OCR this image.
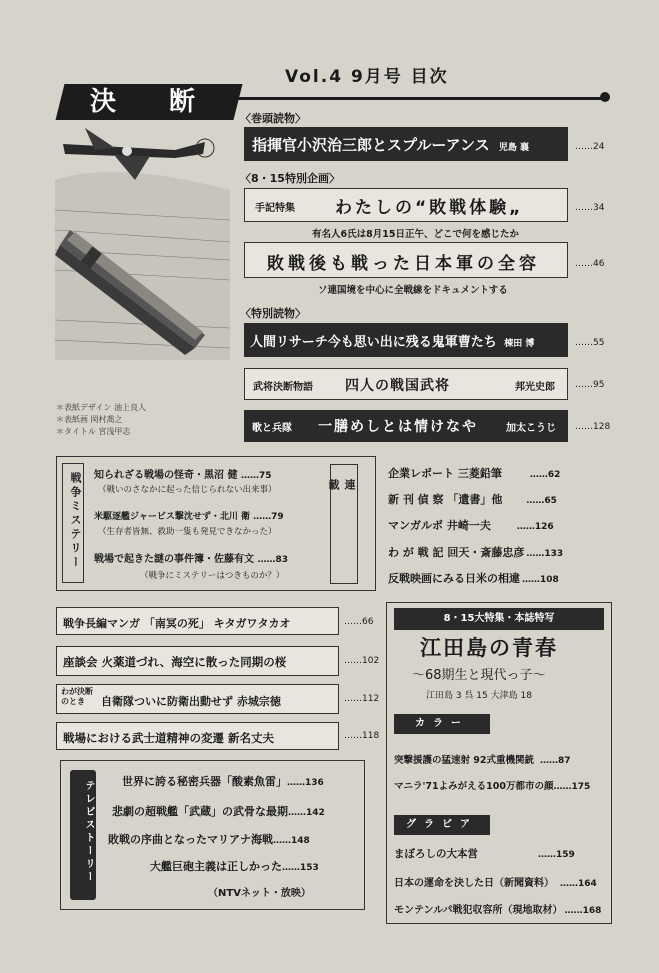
Vol.4 9月号 目次
決 断
＊表紙デザイン 油上良人
＊表紙画 岡村喬之
＊タイトル 宮浅甲志
〈巻頭読物〉
指揮官小沢治三郎とスプルーアンス 児島 襄	……24
〈8・15特別企画〉
手記特集 わたしの“敗戦体験„	……34
有名人6氏は8月15日正午、どこで何を感じたか
敗戦後も戦った日本軍の全容	……46
ソ連国境を中心に全戦線をドキュメントする
〈特別読物〉
人間リサーチ今も思い出に残る鬼軍曹たち 棟田 博	……55
武将決断物語 四人の戦国武将	邦光史郎 ……95
歌と兵隊 一膳めしとは情けなや	加太こうじ ……128
戦争ミステリー 知られざる戦場の怪奇・黒沼 健 ……75
（戦いのさなかに起った信じられない出来事）
米駆逐艦ジャービス撃沈せず・北川 衛 ……79
（生存者皆無、救助一隻も発見できなかった）
戦場で起きた謎の事件簿・佐藤有文 ……83
（戦争にミステリーはつきものか？）
連 載
企業レポート 三菱鉛筆	……62
新 刊 偵 察 「遺書」他	……65
マンガルポ 井崎一夫	……126
わ が 戦 記 回天・斎藤忠彦 ……133
反戦映画にみる日米の相違 ……108
戦争長編マンガ 「南冥の死」 キタガワタカオ	……66
座談会 火薬道づれ、海空に散った同期の桜	……102
わが決断のとき	自衛隊ついに防衛出動せず 赤城宗徳	……112
戦場における武士道精神の変遷 新名丈夫	……118
テレビストーリー	世界に誇る秘密兵器「酸素魚雷」……136
悲劇の超戦艦「武蔵」の武骨な最期……142
敗戦の序曲となったマリアナ海戦……148
大艦巨砲主義は正しかった……153
（NTVネット・放映）
8・15大特集・本誌特写
江田島の青春
〜68期生と現代っ子〜
江田島 3 呉 15 大津島 18
カラー
突撃援護の猛速射 92式重機関銃 ……87
マニラ'71よみがえる100万都市の顔……175
グラビア
まぼろしの大本営	……159
日本の運命を決した日（新聞資料） ……164
モンテンルパ戦犯収容所（現地取材） ……168
